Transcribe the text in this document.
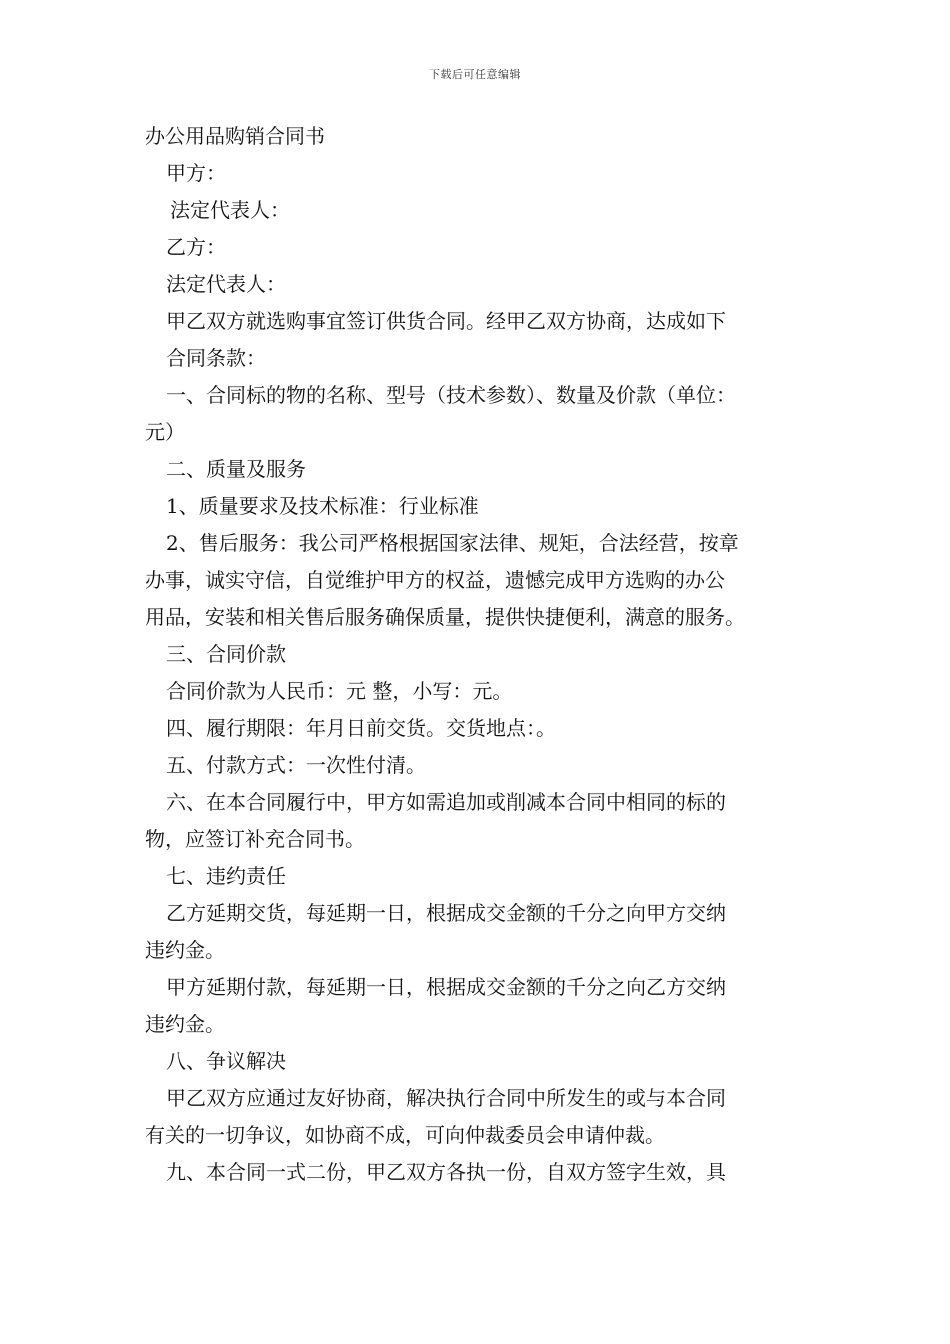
下载后可任意编辑
办公用品购销合同书
甲方：
法定代表人：
乙方：
法定代表人：
甲乙双方就选购事宜签订供货合同。经甲乙双方协商，达成如下
合同条款：
一、合同标的物的名称、型号（技术参数）、数量及价款（单位：
元）
二、质量及服务
1、质量要求及技术标准：行业标准
2、售后服务：我公司严格根据国家法律、规矩，合法经营，按章
办事，诚实守信，自觉维护甲方的权益，遗憾完成甲方选购的办公
用品，安装和相关售后服务确保质量，提供快捷便利，满意的服务。
三、合同价款
合同价款为人民币：元 整，小写：元。
四、履行期限：年月日前交货。交货地点：。
五、付款方式：一次性付清。
六、在本合同履行中，甲方如需追加或削减本合同中相同的标的
物，应签订补充合同书。
七、违约责任
乙方延期交货，每延期一日，根据成交金额的千分之向甲方交纳
违约金。
甲方延期付款，每延期一日，根据成交金额的千分之向乙方交纳
违约金。
八、争议解决
甲乙双方应通过友好协商，解决执行合同中所发生的或与本合同
有关的一切争议，如协商不成，可向仲裁委员会申请仲裁。
九、本合同一式二份，甲乙双方各执一份，自双方签字生效，具
